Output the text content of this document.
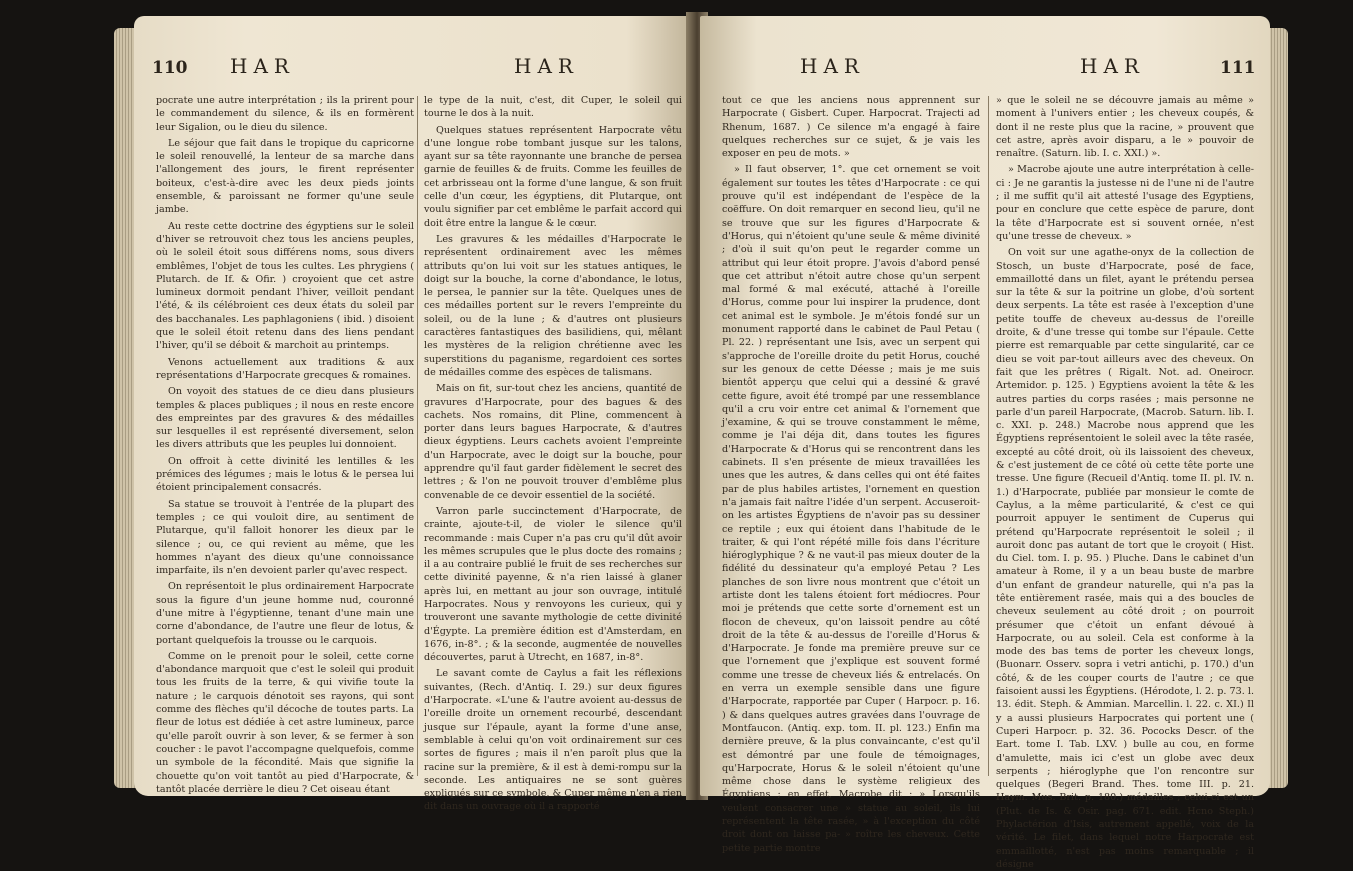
110 HAR	HAR

pocrate une autre interprétation ; ils la prirent pour le commandement du silence, & ils en formèrent leur Sigalion, ou le dieu du silence.

Le séjour que fait dans le tropique du capricorne le soleil renouvellé, la lenteur de sa marche dans l'allongement des jours, le firent représenter boiteux, c'est-à-dire avec les deux pieds joints ensemble, & paroissant ne former qu'une seule jambe.

Au reste cette doctrine des égyptiens sur le soleil d'hiver se retrouvoit chez tous les anciens peuples, où le soleil étoit sous différens noms, sous divers emblêmes, l'objet de tous les cultes. Les phrygiens ( Plutarch. de If. & Ofir. ) croyoient que cet astre lumineux dormoit pendant l'hiver, veilloit pendant l'été, & ils célébroient ces deux états du soleil par des bacchanales. Les paphlagoniens ( ibid. ) disoient que le soleil étoit retenu dans des liens pendant l'hiver, qu'il se déboit & marchoit au printemps.

Venons actuellement aux traditions & aux représentations d'Harpocrate grecques & romaines.

On voyoit des statues de ce dieu dans plusieurs temples & places publiques ; il nous en reste encore des empreintes par des gravures & des médailles sur lesquelles il est représenté diversement, selon les divers attributs que les peuples lui donnoient.

On offroit à cette divinité les lentilles & les prémices des légumes ; mais le lotus & le persea lui étoient principalement consacrés.

Sa statue se trouvoit à l'entrée de la plupart des temples ; ce qui vouloit dire, au sentiment de Plutarque, qu'il falloit honorer les dieux par le silence ; ou, ce qui revient au même, que les hommes n'ayant des dieux qu'une connoissance imparfaite, ils n'en devoient parler qu'avec respect.

On représentoit le plus ordinairement Harpocrate sous la figure d'un jeune homme nud, couronné d'une mitre à l'égyptienne, tenant d'une main une corne d'abondance, de l'autre une fleur de lotus, & portant quelquefois la trousse ou le carquois.

Comme on le prenoit pour le soleil, cette corne d'abondance marquoit que c'est le soleil qui produit tous les fruits de la terre, & qui vivifie toute la nature ; le carquois dénotoit ses rayons, qui sont comme des flèches qu'il décoche de toutes parts. La fleur de lotus est dédiée à cet astre lumineux, parce qu'elle paroît ouvrir à son lever, & se fermer à son coucher : le pavot l'accompagne quelquefois, comme un symbole de la fécondité. Mais que signifie la chouette qu'on voit tantôt au pied d'Harpocrate, & tantôt placée derrière le dieu ? Cet oiseau étant

le type de la nuit, c'est, dit Cuper, le soleil qui tourne le dos à la nuit.

Quelques statues représentent Harpocrate vêtu d'une longue robe tombant jusque sur les talons, ayant sur sa tête rayonnante une branche de persea garnie de feuilles & de fruits. Comme les feuilles de cet arbrisseau ont la forme d'une langue, & son fruit celle d'un cœur, les égyptiens, dit Plutarque, ont voulu signifier par cet emblême le parfait accord qui doit être entre la langue & le cœur.

Les gravures & les médailles d'Harpocrate le représentent ordinairement avec les mêmes attributs qu'on lui voit sur les statues antiques, le doigt sur la bouche, la corne d'abondance, le lotus, le persea, le pannier sur la tête. Quelques unes de ces médailles portent sur le revers l'empreinte du soleil, ou de la lune ; & d'autres ont plusieurs caractères fantastiques des basilidiens, qui, mêlant les mystères de la religion chrétienne avec les superstitions du paganisme, regardoient ces sortes de médailles comme des espèces de talismans.

Mais on fit, sur-tout chez les anciens, quantité de gravures d'Harpocrate, pour des bagues & des cachets. Nos romains, dit Pline, commencent à porter dans leurs bagues Harpocrate, & d'autres dieux égyptiens. Leurs cachets avoient l'empreinte d'un Harpocrate, avec le doigt sur la bouche, pour apprendre qu'il faut garder fidèlement le secret des lettres ; & l'on ne pouvoit trouver d'emblême plus convenable de ce devoir essentiel de la société.

Varron parle succinctement d'Harpocrate, de crainte, ajoute-t-il, de violer le silence qu'il recommande : mais Cuper n'a pas cru qu'il dût avoir les mêmes scrupules que le plus docte des romains ; il a au contraire publié le fruit de ses recherches sur cette divinité payenne, & n'a rien laissé à glaner après lui, en mettant au jour son ouvrage, intitulé Harpocrates. Nous y renvoyons les curieux, qui y trouveront une savante mythologie de cette divinité d'Égypte. La première édition est d'Amsterdam, en 1676, in-8°. ; & la seconde, augmentée de nouvelles découvertes, parut à Utrecht, en 1687, in-8°.

Le savant comte de Caylus a fait les réflexions suivantes, (Rech. d'Antiq. I. 29.) sur deux figures d'Harpocrate. «L'une & l'autre avoient au-dessus de l'oreille droite un ornement recourbé, descendant jusque sur l'épaule, ayant la forme d'une anse, semblable à celui qu'on voit ordinairement sur ces sortes de figures ; mais il n'en paroît plus que la racine sur la première, & il est à demi-rompu sur la seconde. Les antiquaires ne se sont guères expliqués sur ce symbole, & Cuper même n'en a rien dit dans un ouvrage où il a rapporté

HAR	HAR	111

tout ce que les anciens nous apprennent sur Harpocrate ( Gisbert. Cuper. Harpocrat. Trajecti ad Rhenum, 1687. ) Ce silence m'a engagé à faire quelques recherches sur ce sujet, & je vais les exposer en peu de mots. »

» Il faut observer, 1°. que cet ornement se voit également sur toutes les têtes d'Harpocrate : ce qui prouve qu'il est indépendant de l'espèce de la coëffure. On doit remarquer en second lieu, qu'il ne se trouve que sur les figures d'Harpocrate & d'Horus, qui n'étoient qu'une seule & même divinité ; d'où il suit qu'on peut le regarder comme un attribut qui leur étoit propre. J'avois d'abord pensé que cet attribut n'étoit autre chose qu'un serpent mal formé & mal exécuté, attaché à l'oreille d'Horus, comme pour lui inspirer la prudence, dont cet animal est le symbole. Je m'étois fondé sur un monument rapporté dans le cabinet de Paul Petau ( Pl. 22. ) représentant une Isis, avec un serpent qui s'approche de l'oreille droite du petit Horus, couché sur les genoux de cette Déesse ; mais je me suis bientôt apperçu que celui qui a dessiné & gravé cette figure, avoit été trompé par une ressemblance qu'il a cru voir entre cet animal & l'ornement que j'examine, & qui se trouve constamment le même, comme je l'ai déja dit, dans toutes les figures d'Harpocrate & d'Horus qui se rencontrent dans les cabinets. Il s'en présente de mieux travaillées les unes que les autres, & dans celles qui ont été faites par de plus habiles artistes, l'ornement en question n'a jamais fait naître l'idée d'un serpent. Accuseroit-on les artistes Égyptiens de n'avoir pas su dessiner ce reptile ; eux qui étoient dans l'habitude de le traiter, & qui l'ont répété mille fois dans l'écriture hiéroglyphique ? & ne vaut-il pas mieux douter de la fidélité du dessinateur qu'a employé Petau ? Les planches de son livre nous montrent que c'étoit un artiste dont les talens étoient fort médiocres. Pour moi je prétends que cette sorte d'ornement est un flocon de cheveux, qu'on laissoit pendre au côté droit de la tête & au-dessus de l'oreille d'Horus & d'Harpocrate. Je fonde ma première preuve sur ce que l'ornement que j'explique est souvent formé comme une tresse de cheveux liés & entrelacés. On en verra un exemple sensible dans une figure d'Harpocrate, rapportée par Cuper ( Harpocr. p. 16. ) & dans quelques autres gravées dans l'ouvrage de Montfaucon. (Antiq. exp. tom. II. pl. 123.) Enfin ma dernière preuve, & la plus convaincante, c'est qu'il est démontré par une foule de témoignages, qu'Harpocrate, Horus & le soleil n'étoient qu'une même chose dans le système religieux des Égyptiens ; en effet, Macrobe dit : » Lorsqu'ils veulent consacrer une » statue au soleil, ils lui représentent la tête rasée, » à l'exception du côté droit dont on laisse pa- » roître les cheveux. Cette petite partie montre

» que le soleil ne se découvre jamais au même » moment à l'univers entier ; les cheveux coupés, & dont il ne reste plus que la racine, » prouvent que cet astre, après avoir disparu, a le » pouvoir de renaître. (Saturn. lib. I. c. XXI.) ».

» Macrobe ajoute une autre interprétation à celle-ci : Je ne garantis la justesse ni de l'une ni de l'autre ; il me suffit qu'il ait attesté l'usage des Egyptiens, pour en conclure que cette espèce de parure, dont la tête d'Harpocrate est si souvent ornée, n'est qu'une tresse de cheveux. »

On voit sur une agathe-onyx de la collection de Stosch, un buste d'Harpocrate, posé de face, emmaillotté dans un filet, ayant le prétendu persea sur la tête & sur la poitrine un globe, d'où sortent deux serpents. La tête est rasée à l'exception d'une petite touffe de cheveux au-dessus de l'oreille droite, & d'une tresse qui tombe sur l'épaule. Cette pierre est remarquable par cette singularité, car ce dieu se voit par-tout ailleurs avec des cheveux. On fait que les prêtres ( Rigalt. Not. ad. Oneirocr. Artemidor. p. 125. ) Egyptiens avoient la tête & les autres parties du corps rasées ; mais personne ne parle d'un pareil Harpocrate, (Macrob. Saturn. lib. I. c. XXI. p. 248.) Macrobe nous apprend que les Égyptiens représentoient le soleil avec la tête rasée, excepté au côté droit, où ils laissoient des cheveux, & c'est justement de ce côté où cette tête porte une tresse. Une figure (Recueil d'Antiq. tome II. pl. IV. n. 1.) d'Harpocrate, publiée par monsieur le comte de Caylus, a la même particularité, & c'est ce qui pourroit appuyer le sentiment de Cuperus qui prétend qu'Harpocrate représentoit le soleil ; il auroit donc pas autant de tort que le croyoit ( Hist. du Ciel. tom. I. p. 95. ) Pluche. Dans le cabinet d'un amateur à Rome, il y a un beau buste de marbre d'un enfant de grandeur naturelle, qui n'a pas la tête entièrement rasée, mais qui a des boucles de cheveux seulement au côté droit ; on pourroit présumer que c'étoit un enfant dévoué à Harpocrate, ou au soleil. Cela est conforme à la mode des bas tems de porter les cheveux longs, (Buonarr. Osserv. sopra i vetri antichi, p. 170.) d'un côté, & de les couper courts de l'autre ; ce que faisoient aussi les Égyptiens. (Hérodote, l. 2. p. 73. l. 13. édit. Steph. & Ammian. Marcellin. l. 22. c. XI.) Il y a aussi plusieurs Harpocrates qui portent une ( Cuperi Harpocr. p. 32. 36. Pococks Descr. of the Eart. tome I. Tab. LXV. ) bulle au cou, en forme d'amulette, mais ici c'est un globe avec deux serpents ; hiéroglyphe que l'on rencontre sur quelques (Begeri Brand. Thes. tome III. p. 21. Haym. Mus. Brit. p. 180.) médailles ; celui-ci est un (Plut. de Is. & Osir. pag. 671. edit. Hcno Steph.) Phylactérion d'Isis, autrement appellé, voix de la vérité. Le filet, dans lequel notre Harpocrate est emmaillotté, n'est pas moins remarquable ; il désigne
